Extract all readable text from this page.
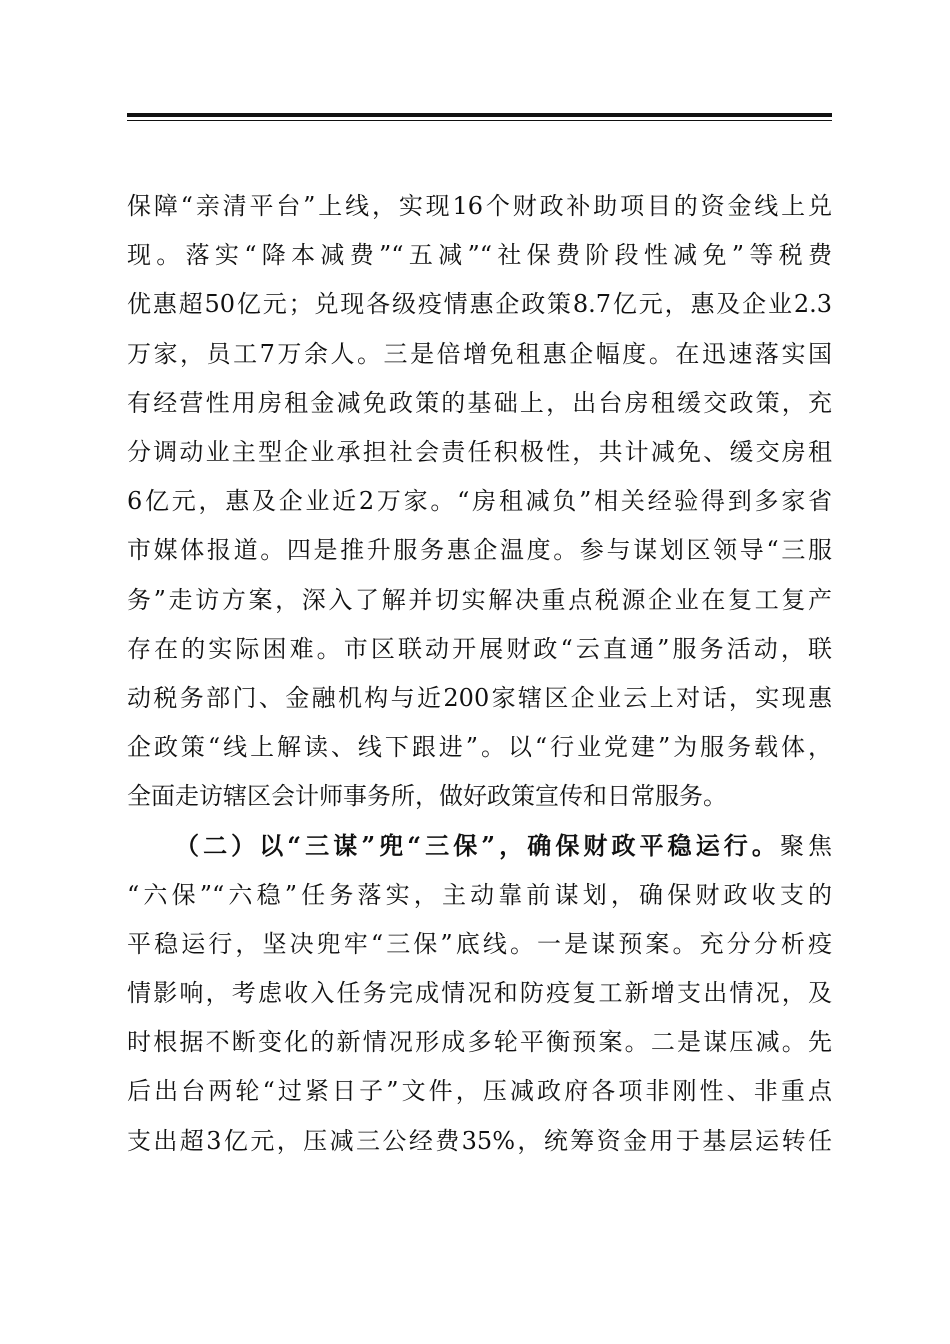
保障“亲清平台”上线，实现16个财政补助项目的资金线上兑
现。落实“降本减费”“五减”“社保费阶段性减免”等税费
优惠超50亿元；兑现各级疫情惠企政策8.7亿元，惠及企业2.3
万家，员工7万余人。三是倍增免租惠企幅度。在迅速落实国
有经营性用房租金减免政策的基础上，出台房租缓交政策，充
分调动业主型企业承担社会责任积极性，共计减免、缓交房租
6亿元，惠及企业近2万家。“房租减负”相关经验得到多家省
市媒体报道。四是推升服务惠企温度。参与谋划区领导“三服
务”走访方案，深入了解并切实解决重点税源企业在复工复产
存在的实际困难。市区联动开展财政“云直通”服务活动，联
动税务部门、金融机构与近200家辖区企业云上对话，实现惠
企政策“线上解读、线下跟进”。以“行业党建”为服务载体，
全面走访辖区会计师事务所，做好政策宣传和日常服务。
（二）以“三谋”兜“三保”，确保财政平稳运行。聚焦
“六保”“六稳”任务落实，主动靠前谋划，确保财政收支的
平稳运行，坚决兜牢“三保”底线。一是谋预案。充分分析疫
情影响，考虑收入任务完成情况和防疫复工新增支出情况，及
时根据不断变化的新情况形成多轮平衡预案。二是谋压减。先
后出台两轮“过紧日子”文件，压减政府各项非刚性、非重点
支出超3亿元，压减三公经费35%，统筹资金用于基层运转任
